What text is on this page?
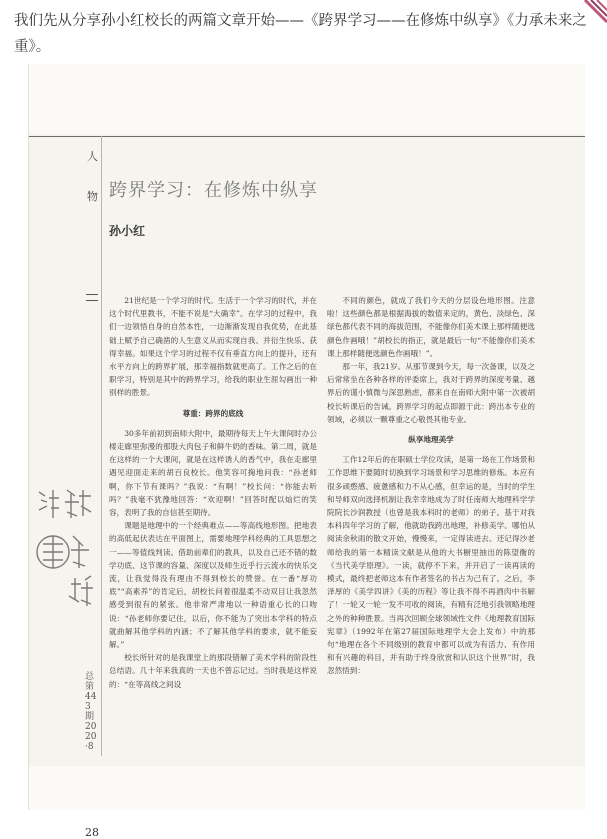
我们先从分享孙小红校长的两篇文章开始——《跨界学习——在修炼中纵享》《力承未来之重》。
人
物
总第443期 2020·8
28
跨界学习：在修炼中纵享
孙小红

21世纪是一个学习的时代。生活于一个学习的时代，并在这个时代里教书，不能不说是“大确幸”。在学习的过程中，我们一边领悟自身的自然本性，一边渐渐发现自我优势，在此基础上赋予自己确凿的人生意义从而实现自我、并衍生快乐、获得幸福。如果这个学习的过程不仅有垂直方向上的提升，还有水平方向上的跨界扩展，那幸福指数就更高了。工作之后的在职学习，特别是其中的跨界学习，给我的职业生涯勾画出一种别样的胜景。

尊重：跨界的底线

30多年前初到南师大附中，最期待每天上午大课间时办公楼走廊里弥漫的那股大肉包子和鲜牛奶的香味。第二周，就是在这样的一个大课间，就是在这样诱人的香气中，我在走廊里遇见迎面走来的胡百良校长。他笑容可掬地问我：“孙老师啊，你下节有课吗？”我说：“有啊！”校长问：“你能去听吗？”我毫不犹豫地回答：“欢迎啊！”回答时配以灿烂的笑容，表明了我的自信甚至期待。

课题是地理中的一个经典难点——等高线地形图。把地表的高低起伏表达在平面图上，需要地理学科经典的工具思想之一——等值线判读。借助前辈们的教具，以及自己还不错的数学功底、这节课的容量、深度以及师生近乎行云流水的快乐交流，让我觉得没有理由不得到校长的赞誉。在一番“厚功底”“高素养”的肯定后，胡校长问着很温柔不动双目让我忽然感受到很有的紧张。他非常严肃地以一种语重心长的口吻说：“孙老师你要记住，以后，你不能为了突出本学科的特点就曲解其他学科的内涵；不了解其他学科的要求，就不能妄解。”

校长所针对的是我课堂上的那段错解了美术学科的阶段性总结语。几十年来我真的一天也不曾忘记过。当时我是这样说的：“在等高线之间设

不同的颜色，就成了我们今天的分层设色地形图。注意啦！这些颜色都是根据海拔的数值来定的，黄色、淡绿色、深绿色都代表不同的海拔范围，不能像你们美术课上那样随便选颜色作画哦！”胡校长的指正，就是最后一句“不能像你们美术课上那样随便选颜色作画哦！”。

那一年，我21岁。从那节课到今天，每一次备课，以及之后常常坐在各种各样的评委席上，我对于跨界的深度考量、越界后的谨小慎微与深思熟虑，都来自在南师大附中第一次被胡校长听课后的告诫。跨界学习的起点即源于此：跨出本专业的领域，必须以一颗尊重之心敬畏其他专业。

纵享地理美学

工作12年后的在职硕士学位攻读，是第一场在工作场景和工作思维下要随时切换到学习场景和学习思维的修炼。本应有很多顽憨感、疲惫感和力不从心感，但幸运的是，当时的学生和导师双向选择机制让我幸幸地成为了时任南师大地理科学学院院长沙润教授（也曾是我本科时的老师）的弟子。基于对我本科四年学习的了解，他就助我跨出地理，补修美学。哪怕从阅读余秋雨的散文开始，慢慢来，一定得读进去。还记得沙老师给我的第一本精读文献是从他的大书橱里抽出的陈望衡的《当代美学原理》。一读，就停不下来，并开启了一读再读的模式，最终把老师这本有作者签名的书占为己有了。之后，李泽厚的《美学四讲》《美的历程》等让我不得不再酒肉中书解了！一轮又一轮一发不可收的阅读，有精有泛地引我领略地理之外的种种胜景。当再次回顾全球领域性文件《地理教育国际宪章》（1992年在第27届国际地理学大会上发布）中的那句“地理在各个不同级别的教育中都可以成为有活力、有作用和有兴趣的科目，并有助于终身欣赏和认识这个世界”时，我忽然悟到：
